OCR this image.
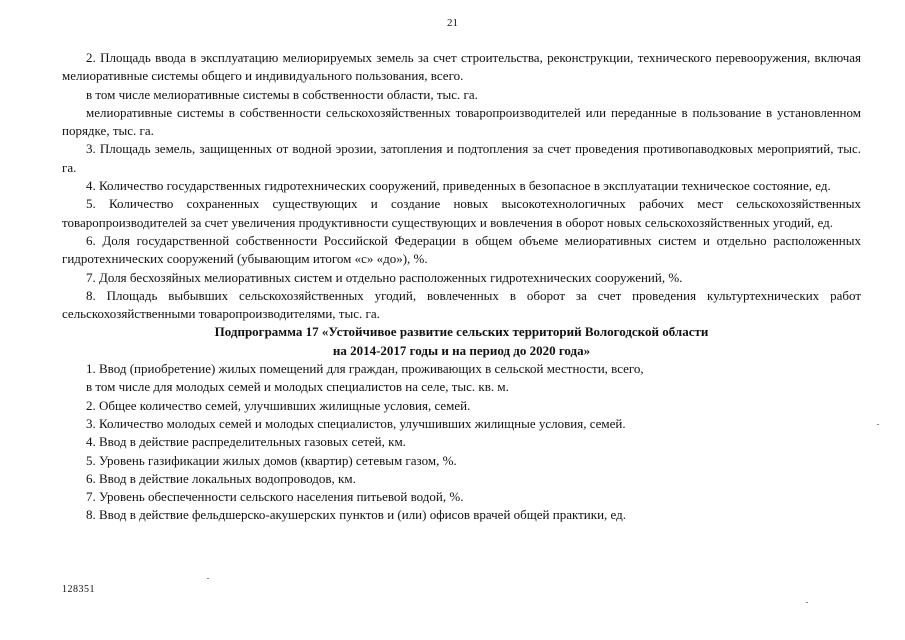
21

2. Площадь ввода в эксплуатацию мелиорируемых земель за счет строительства, реконструкции, технического перевооружения, включая мелиоративные системы общего и индивидуального пользования, всего.

в том числе мелиоративные системы в собственности области, тыс. га.

мелиоративные системы в собственности сельскохозяйственных товаропроизводителей или переданные в пользование в установленном порядке, тыс. га.

3. Площадь земель, защищенных от водной эрозии, затопления и подтопления за счет проведения противопаводковых мероприятий, тыс. га.

4. Количество государственных гидротехнических сооружений, приведенных в безопасное в эксплуатации техническое состояние, ед.

5. Количество сохраненных существующих и создание новых высокотехнологичных рабочих мест сельскохозяйственных товаропроизводителей за счет увеличения продуктивности существующих и вовлечения в оборот новых сельскохозяйственных угодий, ед.

6. Доля государственной собственности Российской Федерации в общем объеме мелиоративных систем и отдельно расположенных гидротехнических сооружений (убывающим итогом «с» «до»), %.

7. Доля бесхозяйных мелиоративных систем и отдельно расположенных гидротехнических сооружений, %.

8. Площадь выбывших сельскохозяйственных угодий, вовлеченных в оборот за счет проведения культуртехнических работ сельскохозяйственными товаропроизводителями, тыс. га.

Подпрограмма 17 «Устойчивое развитие сельских территорий Вологодской области

на 2014-2017 годы и на период до 2020 года»

1. Ввод (приобретение) жилых помещений для граждан, проживающих в сельской местности, всего,

в том числе для молодых семей и молодых специалистов на селе, тыс. кв. м.

2. Общее количество семей, улучшивших жилищные условия, семей.

3. Количество молодых семей и молодых специалистов, улучшивших жилищные условия, семей.

4. Ввод в действие распределительных газовых сетей, км.

5. Уровень газификации жилых домов (квартир) сетевым газом, %.

6. Ввод в действие локальных водопроводов, км.

7. Уровень обеспеченности сельского населения питьевой водой, %.

8. Ввод в действие фельдшерско-акушерских пунктов и (или) офисов врачей общей практики, ед.

128351
